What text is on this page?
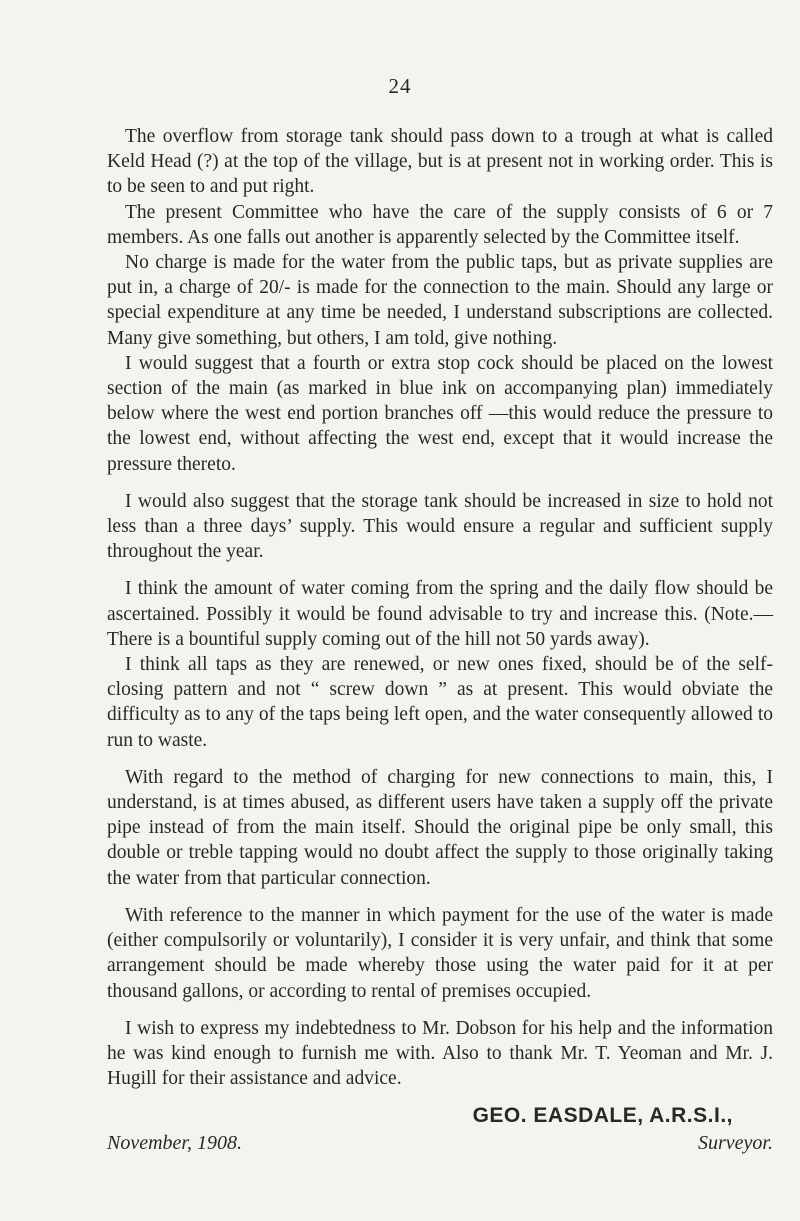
24

The overflow from storage tank should pass down to a trough at what is called Keld Head (?) at the top of the village, but is at present not in working order. This is to be seen to and put right.

The present Committee who have the care of the supply consists of 6 or 7 members. As one falls out another is apparently selected by the Committee itself.

No charge is made for the water from the public taps, but as private supplies are put in, a charge of 20/- is made for the connection to the main. Should any large or special expenditure at any time be needed, I understand subscriptions are collected. Many give something, but others, I am told, give nothing.

I would suggest that a fourth or extra stop cock should be placed on the lowest section of the main (as marked in blue ink on accompanying plan) immediately below where the west end portion branches off —this would reduce the pressure to the lowest end, without affecting the west end, except that it would increase the pressure thereto.

I would also suggest that the storage tank should be increased in size to hold not less than a three days’ supply. This would ensure a regular and sufficient supply throughout the year.

I think the amount of water coming from the spring and the daily flow should be ascertained. Possibly it would be found advisable to try and increase this. (Note.—There is a bountiful supply coming out of the hill not 50 yards away).

I think all taps as they are renewed, or new ones fixed, should be of the self-closing pattern and not “ screw down ” as at present. This would obviate the difficulty as to any of the taps being left open, and the water consequently allowed to run to waste.

With regard to the method of charging for new connections to main, this, I understand, is at times abused, as different users have taken a supply off the private pipe instead of from the main itself. Should the original pipe be only small, this double or treble tapping would no doubt affect the supply to those originally taking the water from that particular connection.

With reference to the manner in which payment for the use of the water is made (either compulsorily or voluntarily), I consider it is very unfair, and think that some arrangement should be made whereby those using the water paid for it at per thousand gallons, or according to rental of premises occupied.

I wish to express my indebtedness to Mr. Dobson for his help and the information he was kind enough to furnish me with. Also to thank Mr. T. Yeoman and Mr. J. Hugill for their assistance and advice.

GEO. EASDALE, A.R.S.I.,
November, 1908.	Surveyor.
